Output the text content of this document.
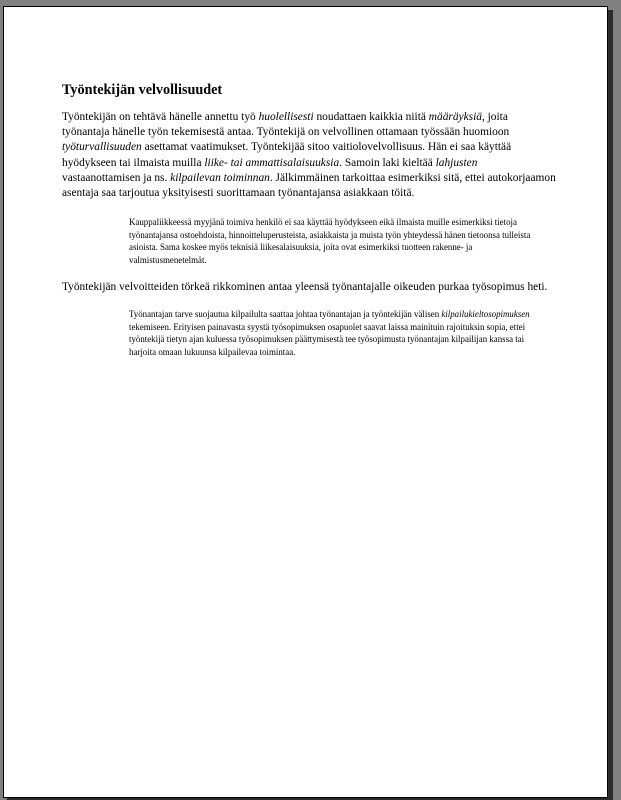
Työntekijän velvollisuudet

Työntekijän on tehtävä hänelle annettu työ huolellisesti noudattaen kaikkia niitä määräyksiä, joita työnantaja hänelle työn tekemisestä antaa. Työntekijä on velvollinen ottamaan työssään huomioon työturvallisuuden asettamat vaatimukset. Työntekijää sitoo vaitiolovelvollisuus. Hän ei saa käyttää hyödykseen tai ilmaista muilla liike- tai ammattisalaisuuksia. Samoin laki kieltää lahjusten vastaanottamisen ja ns. kilpailevan toiminnan. Jälkimmäinen tarkoittaa esimerkiksi sitä, ettei autokorjaamon asentaja saa tarjoutua yksityisesti suorittamaan työnantajansa asiakkaan töitä.

Kauppaliikkeessä myyjänä toimiva henkilö ei saa käyttää hyödykseen eikä ilmaista muille esimerkiksi tietoja työnantajansa ostoehdoista, hinnoitteluperusteista, asiakkaista ja muista työn yhteydessä hänen tietoonsa tulleista asioista. Sama koskee myös teknisiä liikesalaisuuksia, joita ovat esimerkiksi tuotteen rakenne- ja valmistusmenetelmät.

Työntekijän velvoitteiden törkeä rikkominen antaa yleensä työnantajalle oikeuden purkaa työsopimus heti.

Työnantajan tarve suojautua kilpailulta saattaa johtaa työnantajan ja työntekijän välisen kilpailukieltosopimuksen tekemiseen. Erityisen painavasta syystä työsopimuksen osapuolet saavat laissa mainituin rajoituksin sopia, ettei työntekijä tietyn ajan kuluessa työsopimuksen päättymisestä tee työsopimusta työnantajan kilpailijan kanssa tai harjoita omaan lukuunsa kilpailevaa toimintaa.
